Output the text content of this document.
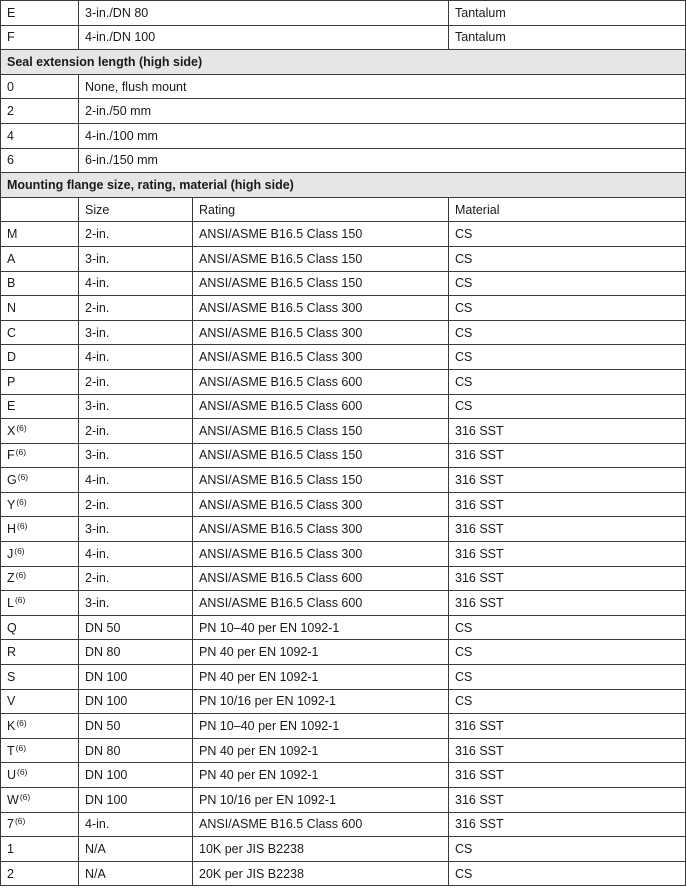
E	3-in./DN 80		Tantalum
F	4-in./DN 100		Tantalum
Seal extension length (high side)			
0	None, flush mount		
2	2-in./50 mm		
4	4-in./100 mm		
6	6-in./150 mm		
Mounting flange size, rating, material (high side)			
	Size	Rating	Material
M	2-in.	ANSI/ASME B16.5 Class 150	CS
A	3-in.	ANSI/ASME B16.5 Class 150	CS
B	4-in.	ANSI/ASME B16.5 Class 150	CS
N	2-in.	ANSI/ASME B16.5 Class 300	CS
C	3-in.	ANSI/ASME B16.5 Class 300	CS
D	4-in.	ANSI/ASME B16.5 Class 300	CS
P	2-in.	ANSI/ASME B16.5 Class 600	CS
E	3-in.	ANSI/ASME B16.5 Class 600	CS
$X^{(6)}$	2-in.	ANSI/ASME B16.5 Class 150	316 SST
$F^{(6)}$	3-in.	ANSI/ASME B16.5 Class 150	316 SST
$G^{(6)}$	4-in.	ANSI/ASME B16.5 Class 150	316 SST
$Y^{(6)}$	2-in.	ANSI/ASME B16.5 Class 300	316 SST
$H^{(6)}$	3-in.	ANSI/ASME B16.5 Class 300	316 SST
$J^{(6)}$	4-in.	ANSI/ASME B16.5 Class 300	316 SST
$Z^{(6)}$	2-in.	ANSI/ASME B16.5 Class 600	316 SST
$L^{(6)}$	3-in.	ANSI/ASME B16.5 Class 600	316 SST
Q	DN 50	PN 10–40 per EN 1092-1	CS
R	DN 80	PN 40 per EN 1092-1	CS
S	DN 100	PN 40 per EN 1092-1	CS
V	DN 100	PN 10/16 per EN 1092-1	CS
$K^{(6)}$	DN 50	PN 10–40 per EN 1092-1	316 SST
$T^{(6)}$	DN 80	PN 40 per EN 1092-1	316 SST
$U^{(6)}$	DN 100	PN 40 per EN 1092-1	316 SST
$W^{(6)}$	DN 100	PN 10/16 per EN 1092-1	316 SST
7$^{(6)}$	4-in.	ANSI/ASME B16.5 Class 600	316 SST
1	N/A	10K per JIS B2238	CS
2	N/A	20K per JIS B2238	CS
